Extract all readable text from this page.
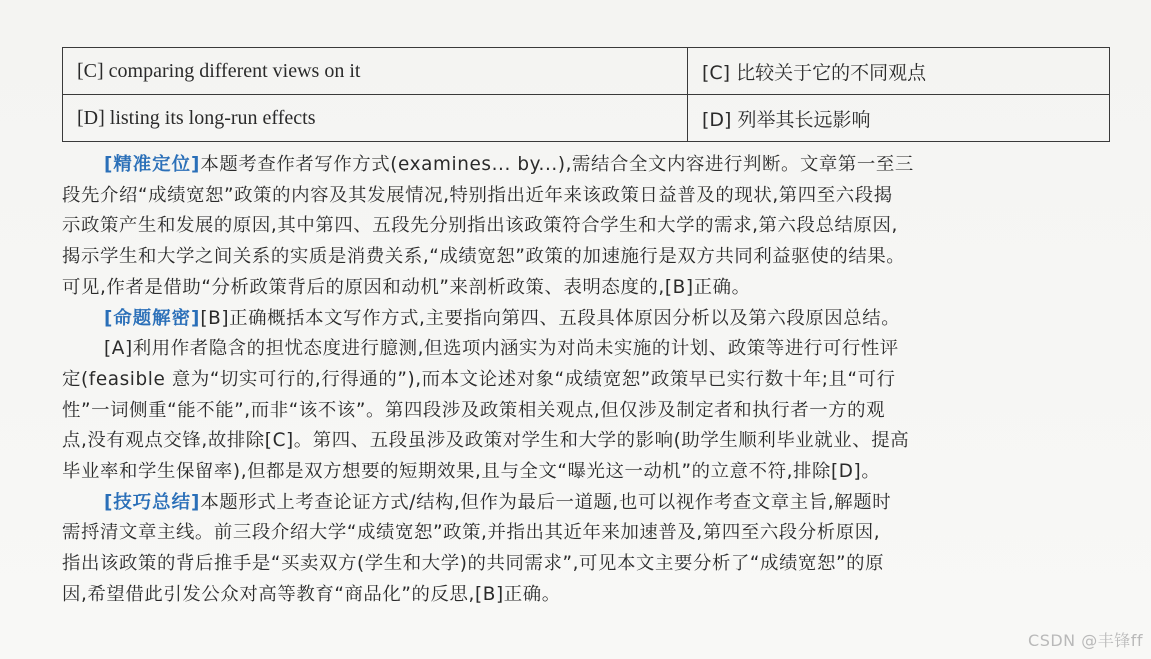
[C] comparing different views on it	[C] 比较关于它的不同观点
[D] listing its long-run effects	[D] 列举其长远影响

[精准定位]本题考查作者写作方式(examines... by...),需结合全文内容进行判断。文章第一至三
段先介绍“成绩宽恕”政策的内容及其发展情况,特别指出近年来该政策日益普及的现状,第四至六段揭
示政策产生和发展的原因,其中第四、五段先分别指出该政策符合学生和大学的需求,第六段总结原因,
揭示学生和大学之间关系的实质是消费关系,“成绩宽恕”政策的加速施行是双方共同利益驱使的结果。
可见,作者是借助“分析政策背后的原因和动机”来剖析政策、表明态度的,[B]正确。

[命题解密][B]正确概括本文写作方式,主要指向第四、五段具体原因分析以及第六段原因总结。

[A]利用作者隐含的担忧态度进行臆测,但选项内涵实为对尚未实施的计划、政策等进行可行性评
定(feasible 意为“切实可行的,行得通的”),而本文论述对象“成绩宽恕”政策早已实行数十年;且“可行
性”一词侧重“能不能”,而非“该不该”。第四段涉及政策相关观点,但仅涉及制定者和执行者一方的观
点,没有观点交锋,故排除[C]。第四、五段虽涉及政策对学生和大学的影响(助学生顺利毕业就业、提高
毕业率和学生保留率),但都是双方想要的短期效果,且与全文“曝光这一动机”的立意不符,排除[D]。

[技巧总结]本题形式上考查论证方式/结构,但作为最后一道题,也可以视作考查文章主旨,解题时
需捋清文章主线。前三段介绍大学“成绩宽恕”政策,并指出其近年来加速普及,第四至六段分析原因,
指出该政策的背后推手是“买卖双方(学生和大学)的共同需求”,可见本文主要分析了“成绩宽恕”的原
因,希望借此引发公众对高等教育“商品化”的反思,[B]正确。

CSDN @丰锋ff
